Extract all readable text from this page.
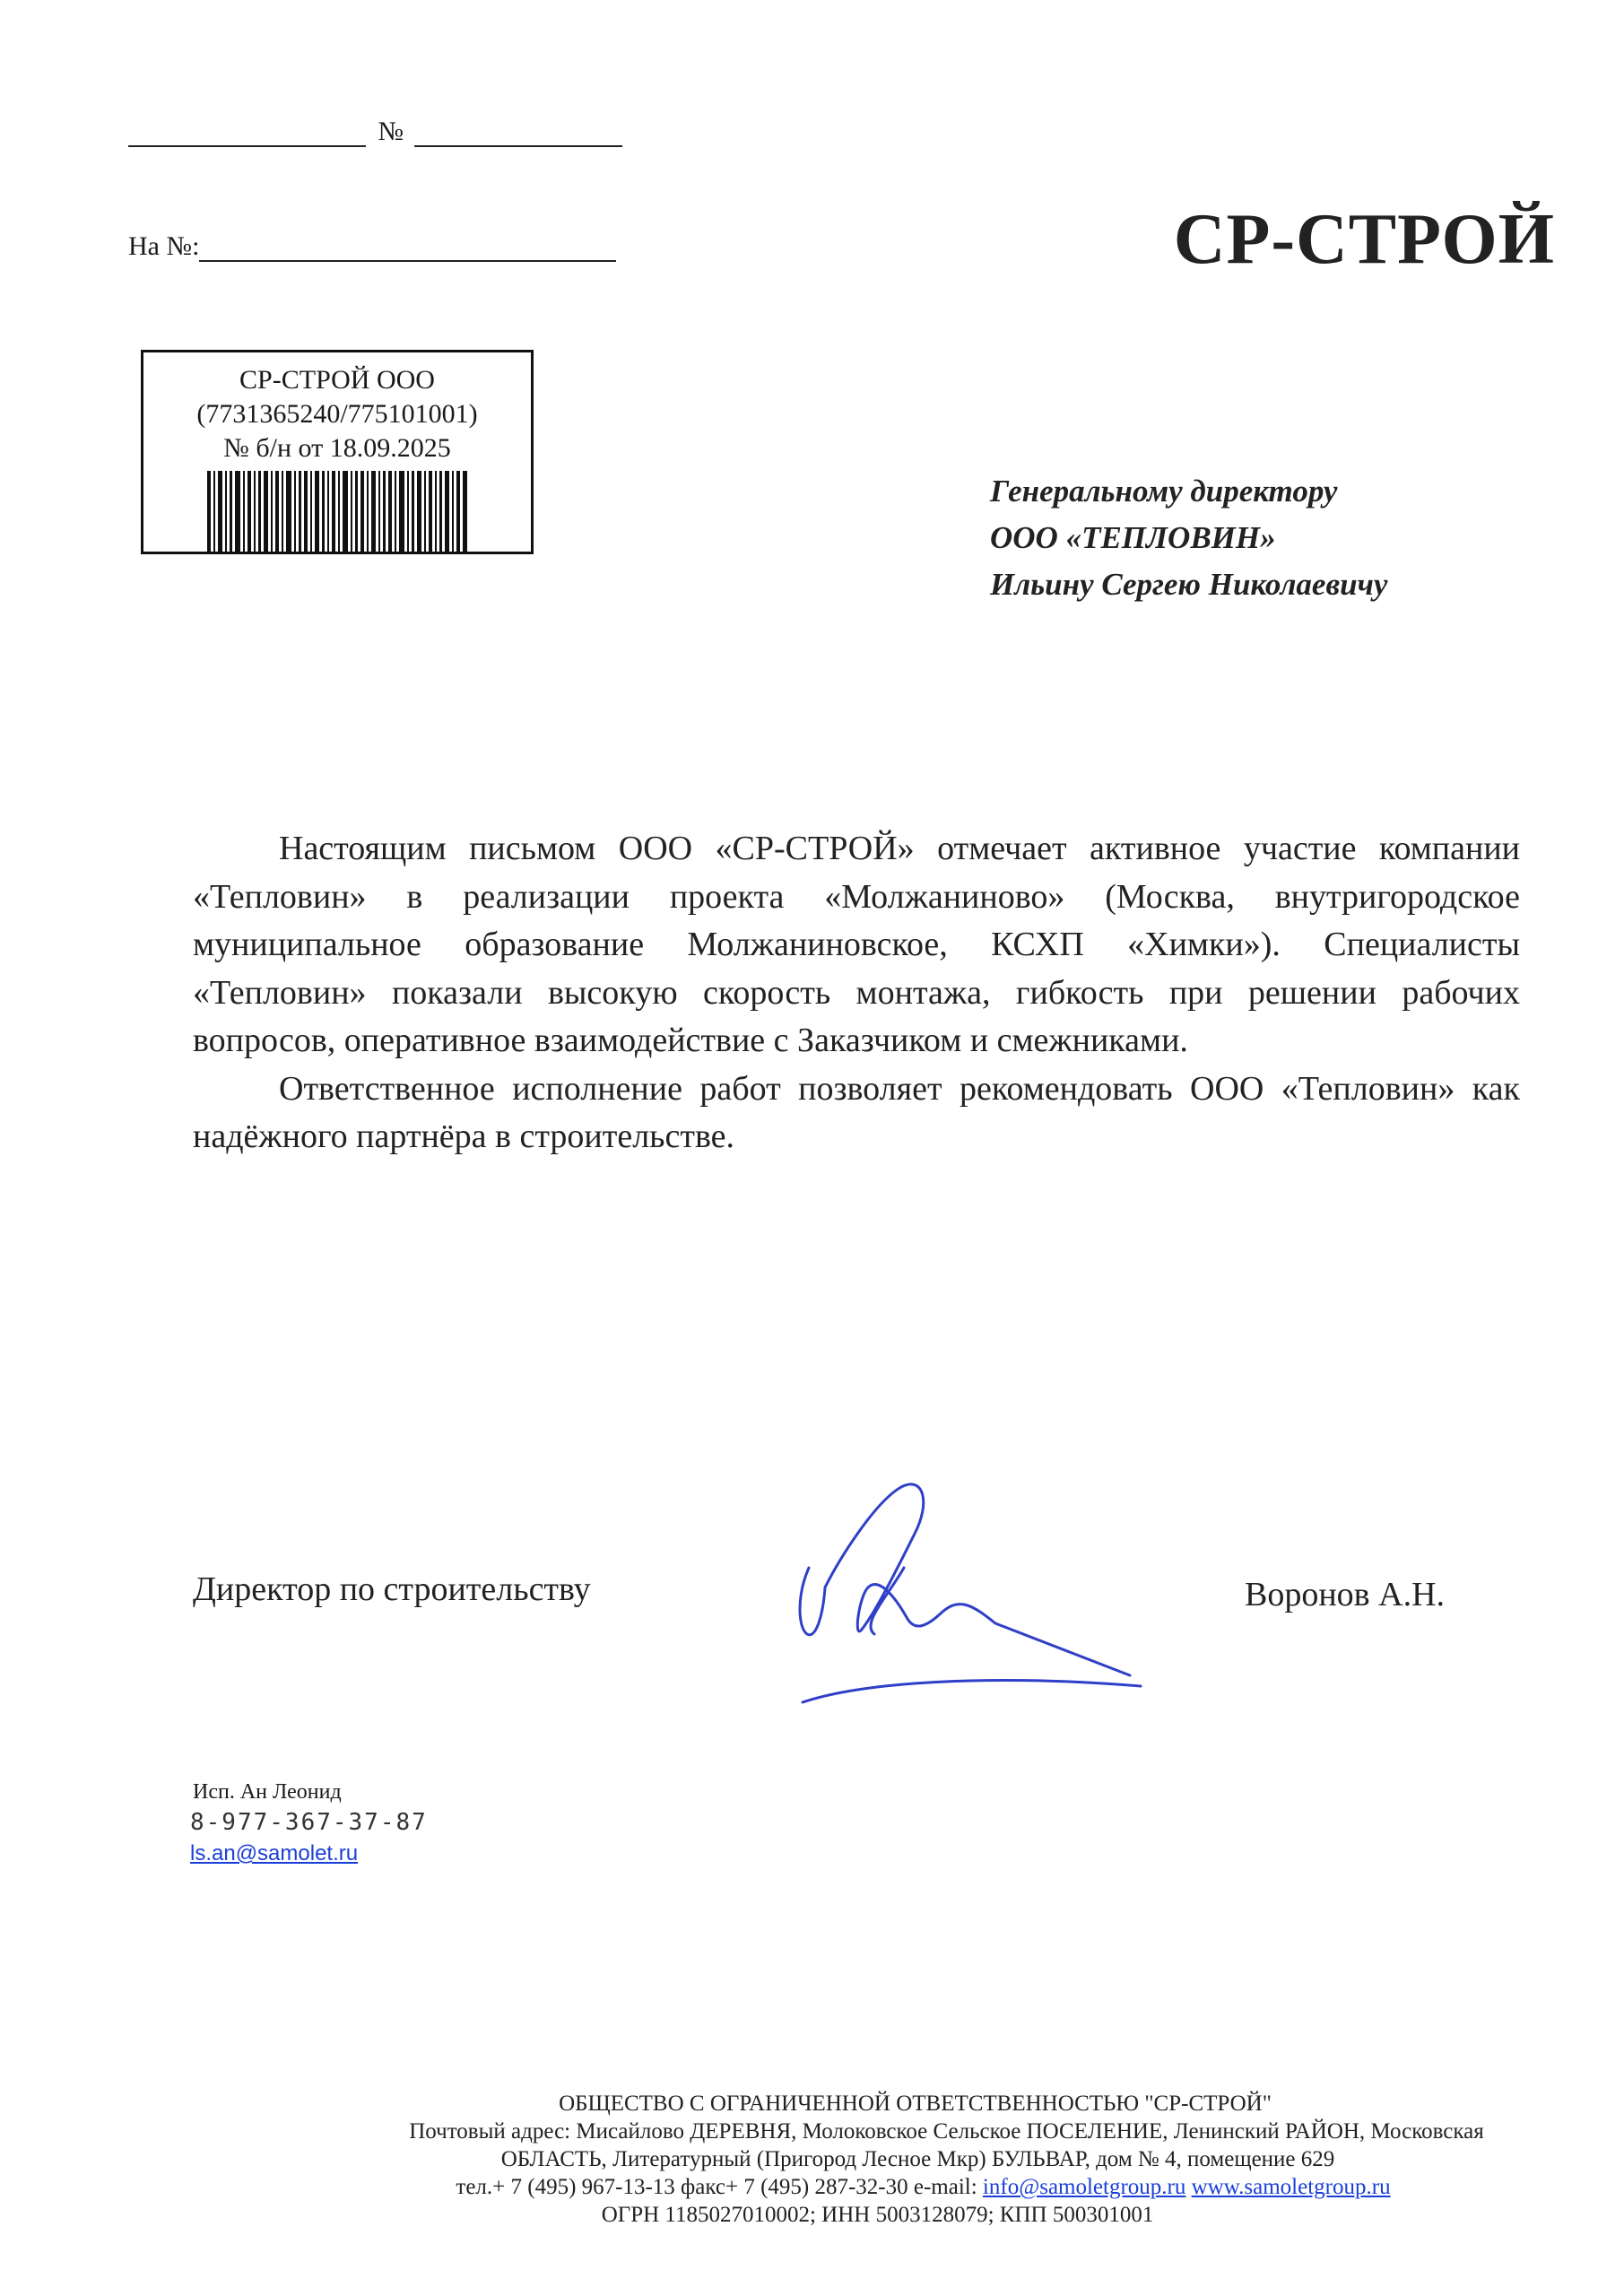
№
На №:	СР-СТРОЙ
СР-СТРОЙ ООО
(7731365240/775101001)
№ б/н от 18.09.2025
Генеральному директору
ООО «ТЕПЛОВИН»
Ильину Сергею Николаевичу

Настоящим письмом ООО «СР-СТРОЙ» отмечает активное участие компании «Тепловин» в реализации проекта «Молжаниново» (Москва, внутригородское муниципальное образование Молжаниновское, КСХП «Химки»). Специалисты «Тепловин» показали высокую скорость монтажа, гибкость при решении рабочих вопросов, оперативное взаимодействие с Заказчиком и смежниками.

Ответственное исполнение работ позволяет рекомендовать ООО «Тепловин» как надёжного партнёра в строительстве.

Директор по строительству	Воронов А.Н.
Исп. Ан Леонид
8-977-367-37-87
ls.an@samolet.ru
ОБЩЕСТВО С ОГРАНИЧЕННОЙ ОТВЕТСТВЕННОСТЬЮ "СР-СТРОЙ"
Почтовый адрес: Мисайлово ДЕРЕВНЯ, Молоковское Сельское ПОСЕЛЕНИЕ, Ленинский РАЙОН, Московская
ОБЛАСТЬ, Литературный (Пригород Лесное Мкр) БУЛЬВАР, дом № 4, помещение 629
тел.+ 7 (495) 967-13-13 факс+ 7 (495) 287-32-30 e-mail: info@samoletgroup.ru www.samoletgroup.ru
ОГРН 1185027010002; ИНН 5003128079; КПП 500301001
